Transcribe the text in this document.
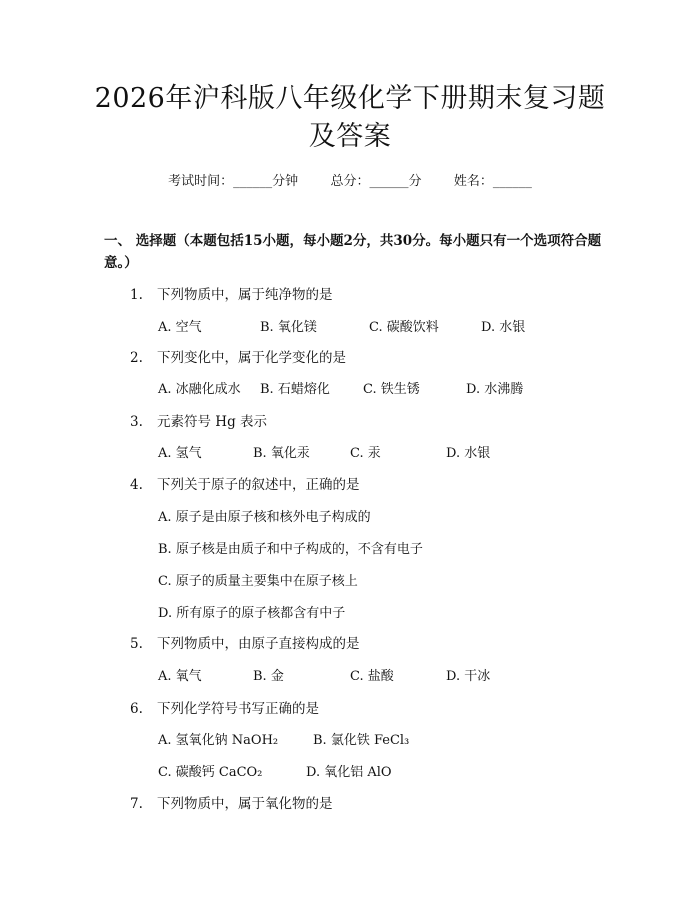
2026年沪科版八年级化学下册期末复习题及答案
考试时间：______分钟 总分：______分 姓名：______
一、 选择题（本题包括15小题，每小题2分，共30分。每小题只有一个选项符合题意。）
1. 下列物质中，属于纯净物的是
A. 空气	B. 氧化镁	C. 碳酸饮料	D. 水银
2. 下列变化中，属于化学变化的是
A. 冰融化成水 B. 石蜡熔化	C. 铁生锈	D. 水沸腾
3. 元素符号 Hg 表示
A. 氢气	B. 氧化汞	C. 汞	D. 水银
4. 下列关于原子的叙述中，正确的是
A. 原子是由原子核和核外电子构成的
B. 原子核是由质子和中子构成的，不含有电子
C. 原子的质量主要集中在原子核上
D. 所有原子的原子核都含有中子
5. 下列物质中，由原子直接构成的是
A. 氧气	B. 金	C. 盐酸	D. 干冰
6. 下列化学符号书写正确的是
A. 氢氧化钠 NaOH₂	B. 氯化铁 FeCl₃
C. 碳酸钙 CaCO₂	D. 氧化铝 AlO
7. 下列物质中，属于氧化物的是
